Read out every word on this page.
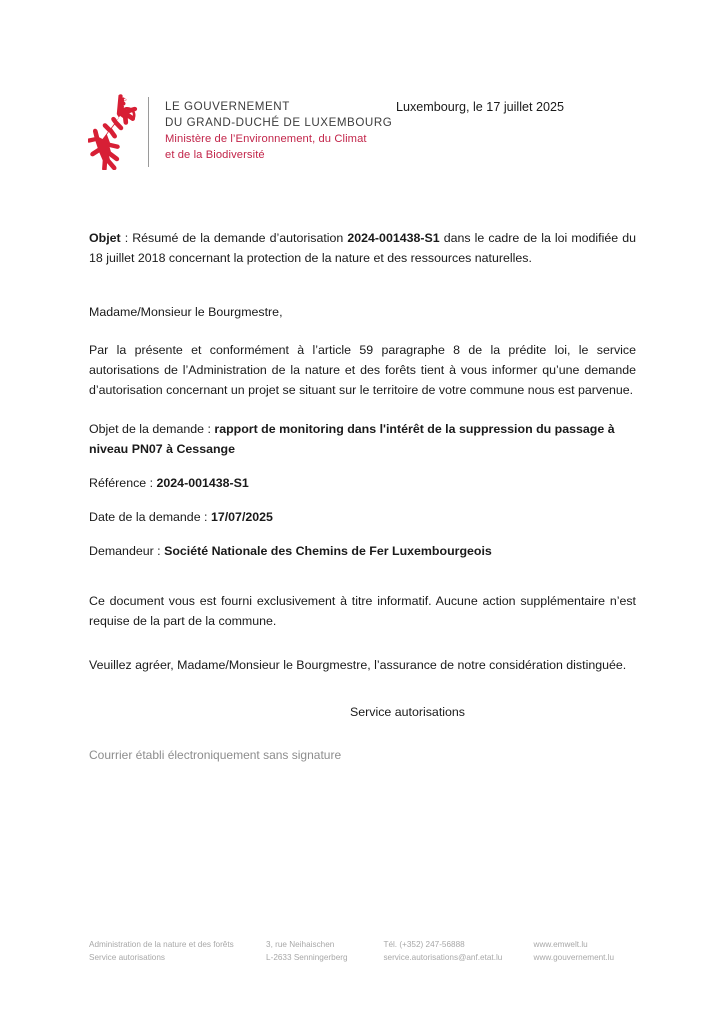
LE GOUVERNEMENT
DU GRAND-DUCHÉ DE LUXEMBOURG
Ministère de l’Environnement, du Climat
et de la Biodiversité
Luxembourg, le 17 juillet 2025

Objet : Résumé de la demande d’autorisation 2024-001438-S1 dans le cadre de la loi modifiée du 18 juillet 2018 concernant la protection de la nature et des ressources naturelles.

Madame/Monsieur le Bourgmestre,

Par la présente et conformément à l’article 59 paragraphe 8 de la prédite loi, le service autorisations de l’Administration de la nature et des forêts tient à vous informer qu’une demande d’autorisation concernant un projet se situant sur le territoire de votre commune nous est parvenue.

Objet de la demande : rapport de monitoring dans l'intérêt de la suppression du passage à niveau PN07 à Cessange

Référence : 2024-001438-S1

Date de la demande : 17/07/2025

Demandeur : Société Nationale des Chemins de Fer Luxembourgeois

Ce document vous est fourni exclusivement à titre informatif. Aucune action supplémentaire n’est requise de la part de la commune.

Veuillez agréer, Madame/Monsieur le Bourgmestre, l’assurance de notre considération distinguée.

Service autorisations
Courrier établi électroniquement sans signature
Administration de la nature et des forêts
Service autorisations
3, rue Neihaischen
L-2633 Senningerberg
Tél. (+352) 247-56888
service.autorisations@anf.etat.lu
www.emwelt.lu
www.gouvernement.lu
